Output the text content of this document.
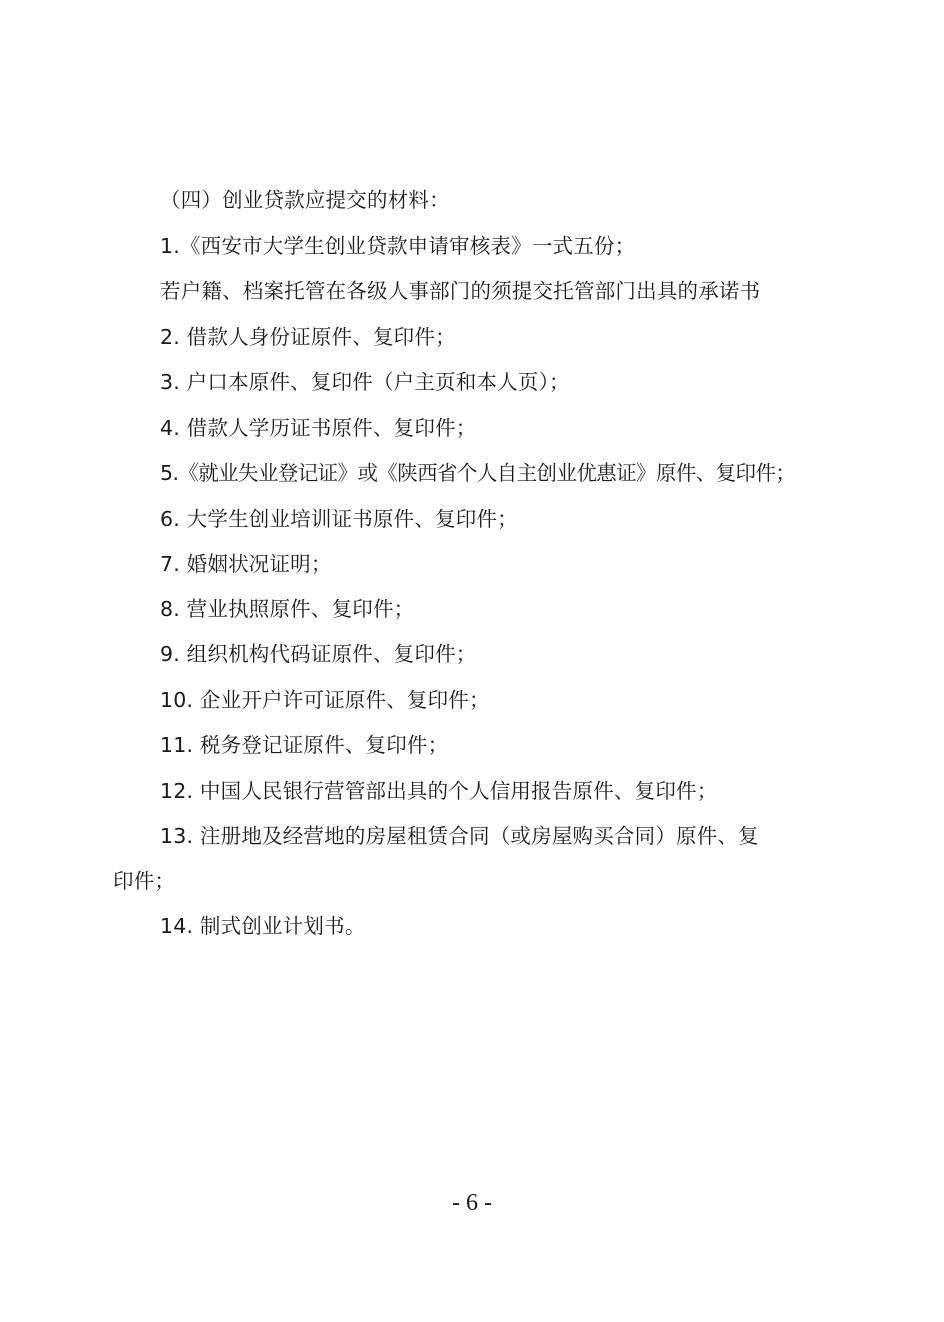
（四）创业贷款应提交的材料：
1.《西安市大学生创业贷款申请审核表》一式五份；
若户籍、档案托管在各级人事部门的须提交托管部门出具的承诺书
2. 借款人身份证原件、复印件；
3. 户口本原件、复印件（户主页和本人页）；
4. 借款人学历证书原件、复印件；
5.《就业失业登记证》或《陕西省个人自主创业优惠证》原件、复印件；
6. 大学生创业培训证书原件、复印件；
7. 婚姻状况证明；
8. 营业执照原件、复印件；
9. 组织机构代码证原件、复印件；
10. 企业开户许可证原件、复印件；
11. 税务登记证原件、复印件；
12. 中国人民银行营管部出具的个人信用报告原件、复印件；
13. 注册地及经营地的房屋租赁合同（或房屋购买合同）原件、复
印件；
14. 制式创业计划书。
- 6 -
